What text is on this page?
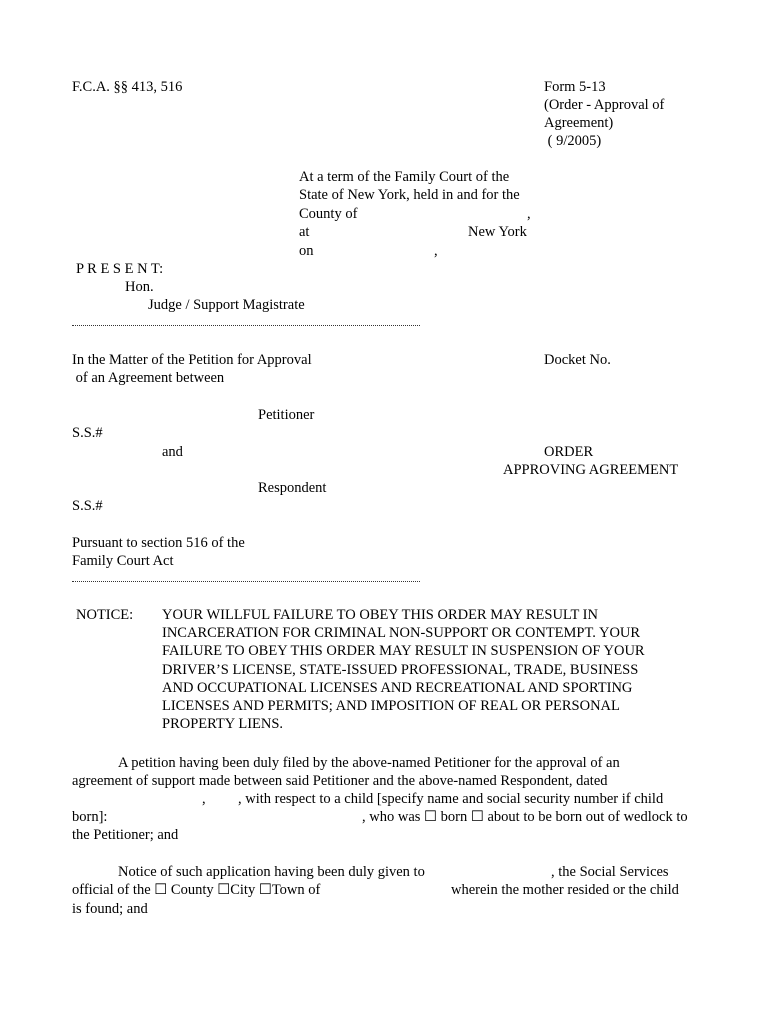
F.C.A. §§ 413, 516	Form 5-13
(Order - Approval of
Agreement)
( 9/2005)
At a term of the Family Court of the
State of New York, held in and for the
County of	,
at	New York
on	,
P R E S E N T:
Hon.
Judge / Support Magistrate
In the Matter of the Petition for Approval
of an Agreement between
Docket No.
Petitioner
S.S.#
and	ORDER
APPROVING AGREEMENT
Respondent
S.S.#
Pursuant to section 516 of the
Family Court Act
NOTICE: YOUR WILLFUL FAILURE TO OBEY THIS ORDER MAY RESULT IN
INCARCERATION FOR CRIMINAL NON-SUPPORT OR CONTEMPT. YOUR
FAILURE TO OBEY THIS ORDER MAY RESULT IN SUSPENSION OF YOUR
DRIVER’S LICENSE, STATE-ISSUED PROFESSIONAL, TRADE, BUSINESS
AND OCCUPATIONAL LICENSES AND RECREATIONAL AND SPORTING
LICENSES AND PERMITS; AND IMPOSITION OF REAL OR PERSONAL
PROPERTY LIENS.
A petition having been duly filed by the above-named Petitioner for the approval of an
agreement of support made between said Petitioner and the above-named Respondent, dated
, , with respect to a child [specify name and social security number if child
born]:	, who was ☐ born ☐ about to be born out of wedlock to
the Petitioner; and
Notice of such application having been duly given to	, the Social Services
official of the ☐ County ☐City ☐Town of	wherein the mother resided or the child
is found; and
